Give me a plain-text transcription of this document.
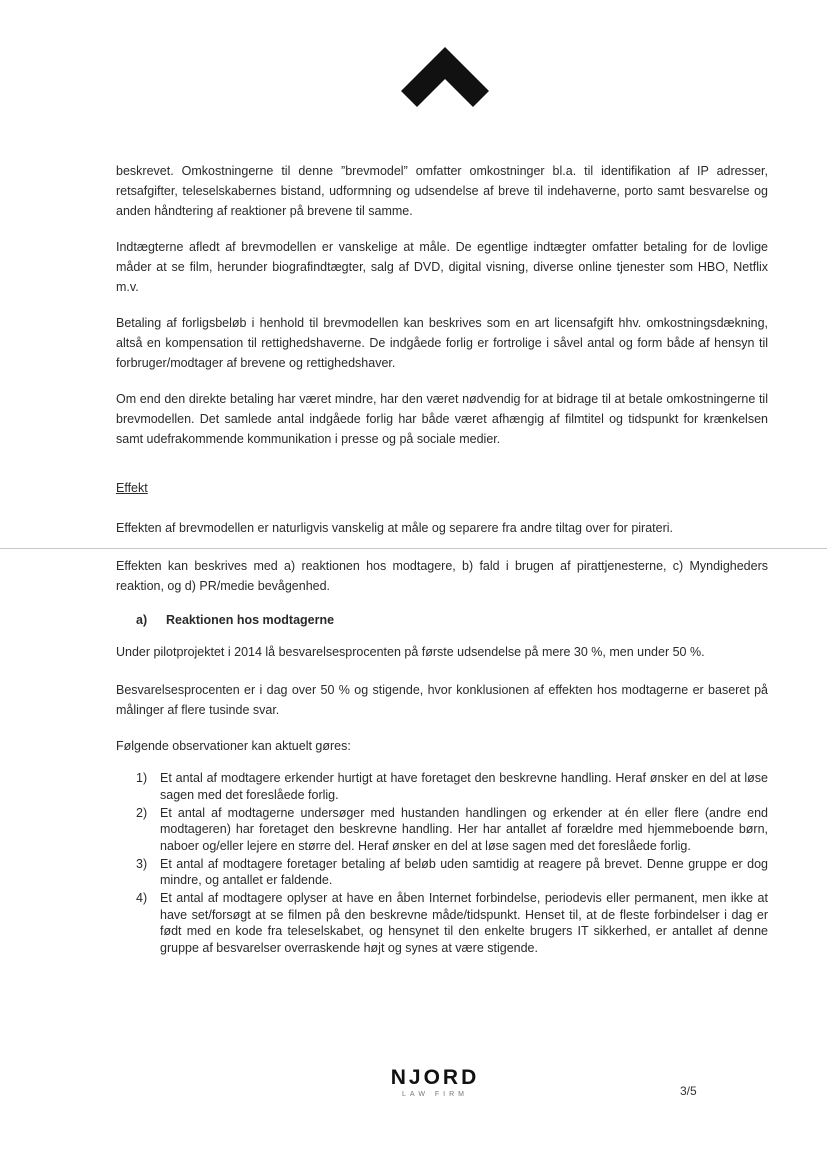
beskrevet. Omkostningerne til denne ”brevmodel” omfatter omkostninger bl.a. til identifikation af IP adresser, retsafgifter, teleselskabernes bistand, udformning og udsendelse af breve til indehaverne, porto samt besvarelse og anden håndtering af reaktioner på brevene til samme.

Indtægterne afledt af brevmodellen er vanskelige at måle. De egentlige indtægter omfatter betaling for de lovlige måder at se film, herunder biografindtægter, salg af DVD, digital visning, diverse online tjenester som HBO, Netflix m.v.

Betaling af forligsbeløb i henhold til brevmodellen kan beskrives som en art licensafgift hhv. omkostningsdækning, altså en kompensation til rettighedshaverne. De indgåede forlig er fortrolige i såvel antal og form både af hensyn til forbruger/modtager af brevene og rettighedshaver.

Om end den direkte betaling har været mindre, har den været nødvendig for at bidrage til at betale omkostningerne til brevmodellen. Det samlede antal indgåede forlig har både været afhængig af filmtitel og tidspunkt for krænkelsen samt udefrakommende kommunikation i presse og på sociale medier.

Effekt

Effekten af brevmodellen er naturligvis vanskelig at måle og separere fra andre tiltag over for pirateri.

Effekten kan beskrives med a) reaktionen hos modtagere, b) fald i brugen af pirattjenesterne, c) Myndigheders reaktion, og d) PR/medie bevågenhed.

a)	Reaktionen hos modtagerne

Under pilotprojektet i 2014 lå besvarelsesprocenten på første udsendelse på mere 30 %, men under 50 %.

Besvarelsesprocenten er i dag over 50 % og stigende, hvor konklusionen af effekten hos modtagerne er baseret på målinger af flere tusinde svar.

Følgende observationer kan aktuelt gøres:

1)	Et antal af modtagere erkender hurtigt at have foretaget den beskrevne handling. Heraf ønsker en del at løse sagen med det foreslåede forlig.
2)	Et antal af modtagerne undersøger med hustanden handlingen og erkender at én eller flere (andre end modtageren) har foretaget den beskrevne handling. Her har antallet af forældre med hjemmeboende børn, naboer og/eller lejere en større del. Heraf ønsker en del at løse sagen med det foreslåede forlig.
3)	Et antal af modtagere foretager betaling af beløb uden samtidig at reagere på brevet. Denne gruppe er dog mindre, og antallet er faldende.
4)	Et antal af modtagere oplyser at have en åben Internet forbindelse, periodevis eller permanent, men ikke at have set/forsøgt at se filmen på den beskrevne måde/tidspunkt. Henset til, at de fleste forbindelser i dag er født med en kode fra teleselskabet, og hensynet til den enkelte brugers IT sikkerhed, er antallet af denne gruppe af besvarelser overraskende højt og synes at være stigende.
NJORD
LAW FIRM	3/5
